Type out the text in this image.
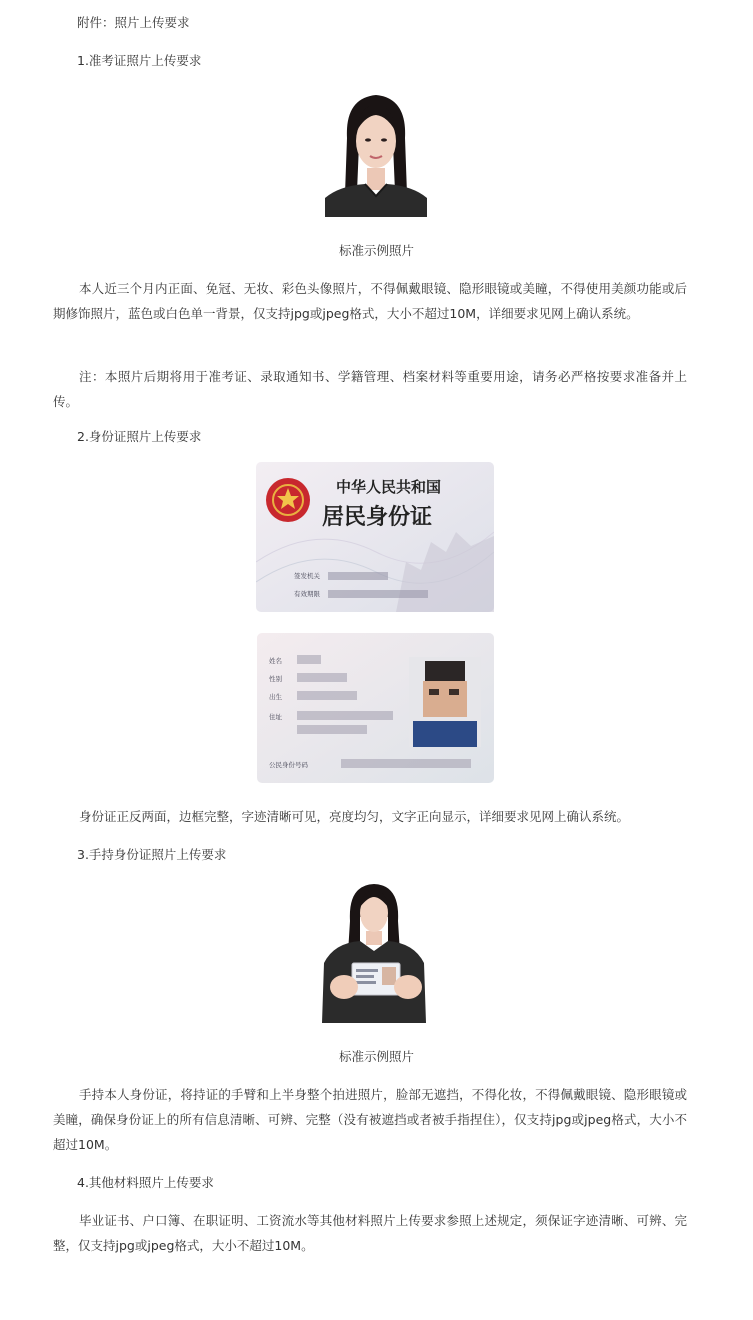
附件：照片上传要求

1.准考证照片上传要求

标准示例照片

本人近三个月内正面、免冠、无妆、彩色头像照片，不得佩戴眼镜、隐形眼镜或美瞳，不得使用美颜功能或后期修饰照片，蓝色或白色单一背景，仅支持jpg或jpeg格式，大小不超过10M，详细要求见网上确认系统。

注：本照片后期将用于准考证、录取通知书、学籍管理、档案材料等重要用途，请务必严格按要求准备并上传。

2.身份证照片上传要求

中华人民共和国
居民身份证
签发机关
有效期限
姓名
性别
出生
住址
公民身份号码

身份证正反两面，边框完整，字迹清晰可见，亮度均匀，文字正向显示，详细要求见网上确认系统。

3.手持身份证照片上传要求

标准示例照片

手持本人身份证，将持证的手臂和上半身整个拍进照片，脸部无遮挡，不得化妆，不得佩戴眼镜、隐形眼镜或美瞳，确保身份证上的所有信息清晰、可辨、完整（没有被遮挡或者被手指捏住），仅支持jpg或jpeg格式，大小不超过10M。

4.其他材料照片上传要求

毕业证书、户口簿、在职证明、工资流水等其他材料照片上传要求参照上述规定，须保证字迹清晰、可辨、完整，仅支持jpg或jpeg格式，大小不超过10M。
